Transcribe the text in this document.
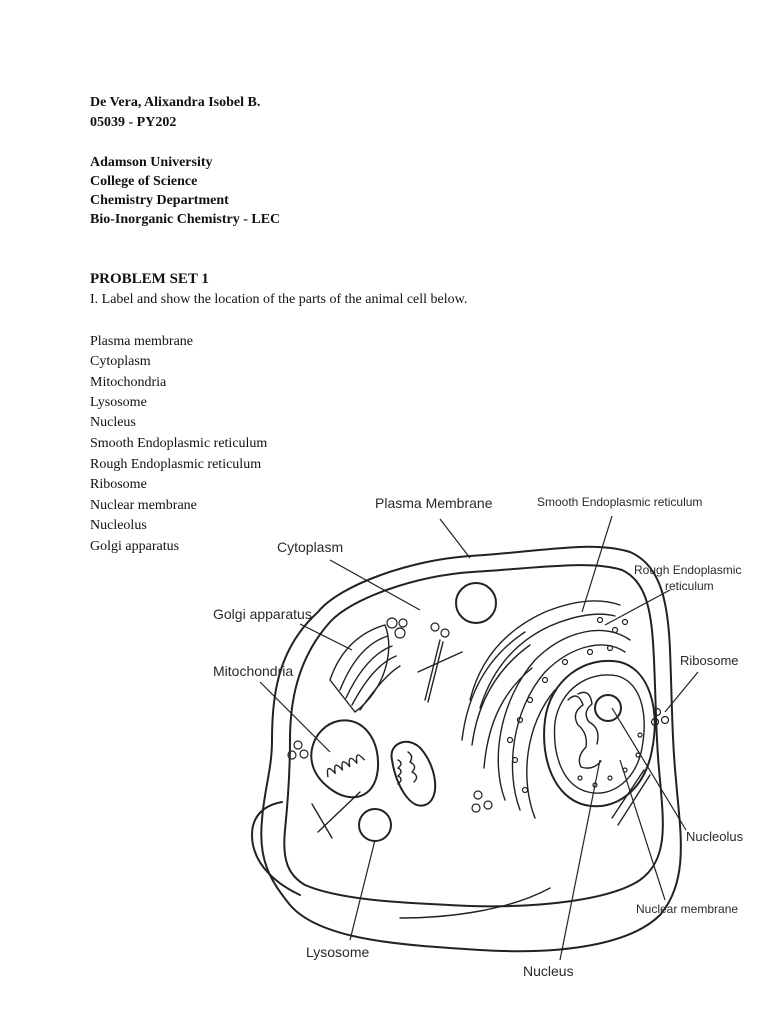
De Vera, Alixandra Isobel B.
05039 - PY202
Adamson University
College of Science
Chemistry Department
Bio-Inorganic Chemistry - LEC
PROBLEM SET 1
I. Label and show the location of the parts of the animal cell below.
Plasma membrane
Cytoplasm
Mitochondria
Lysosome
Nucleus
Smooth Endoplasmic reticulum
Rough Endoplasmic reticulum
Ribosome
Nuclear membrane
Nucleolus
Golgi apparatus
Plasma Membrane	Smooth Endoplasmic reticulum
Cytoplasm
Rough Endoplasmic
reticulum
Golgi apparatus
Ribosome
Mitochondria
Nucleolus
Nuclear membrane
Lysosome
Nucleus
